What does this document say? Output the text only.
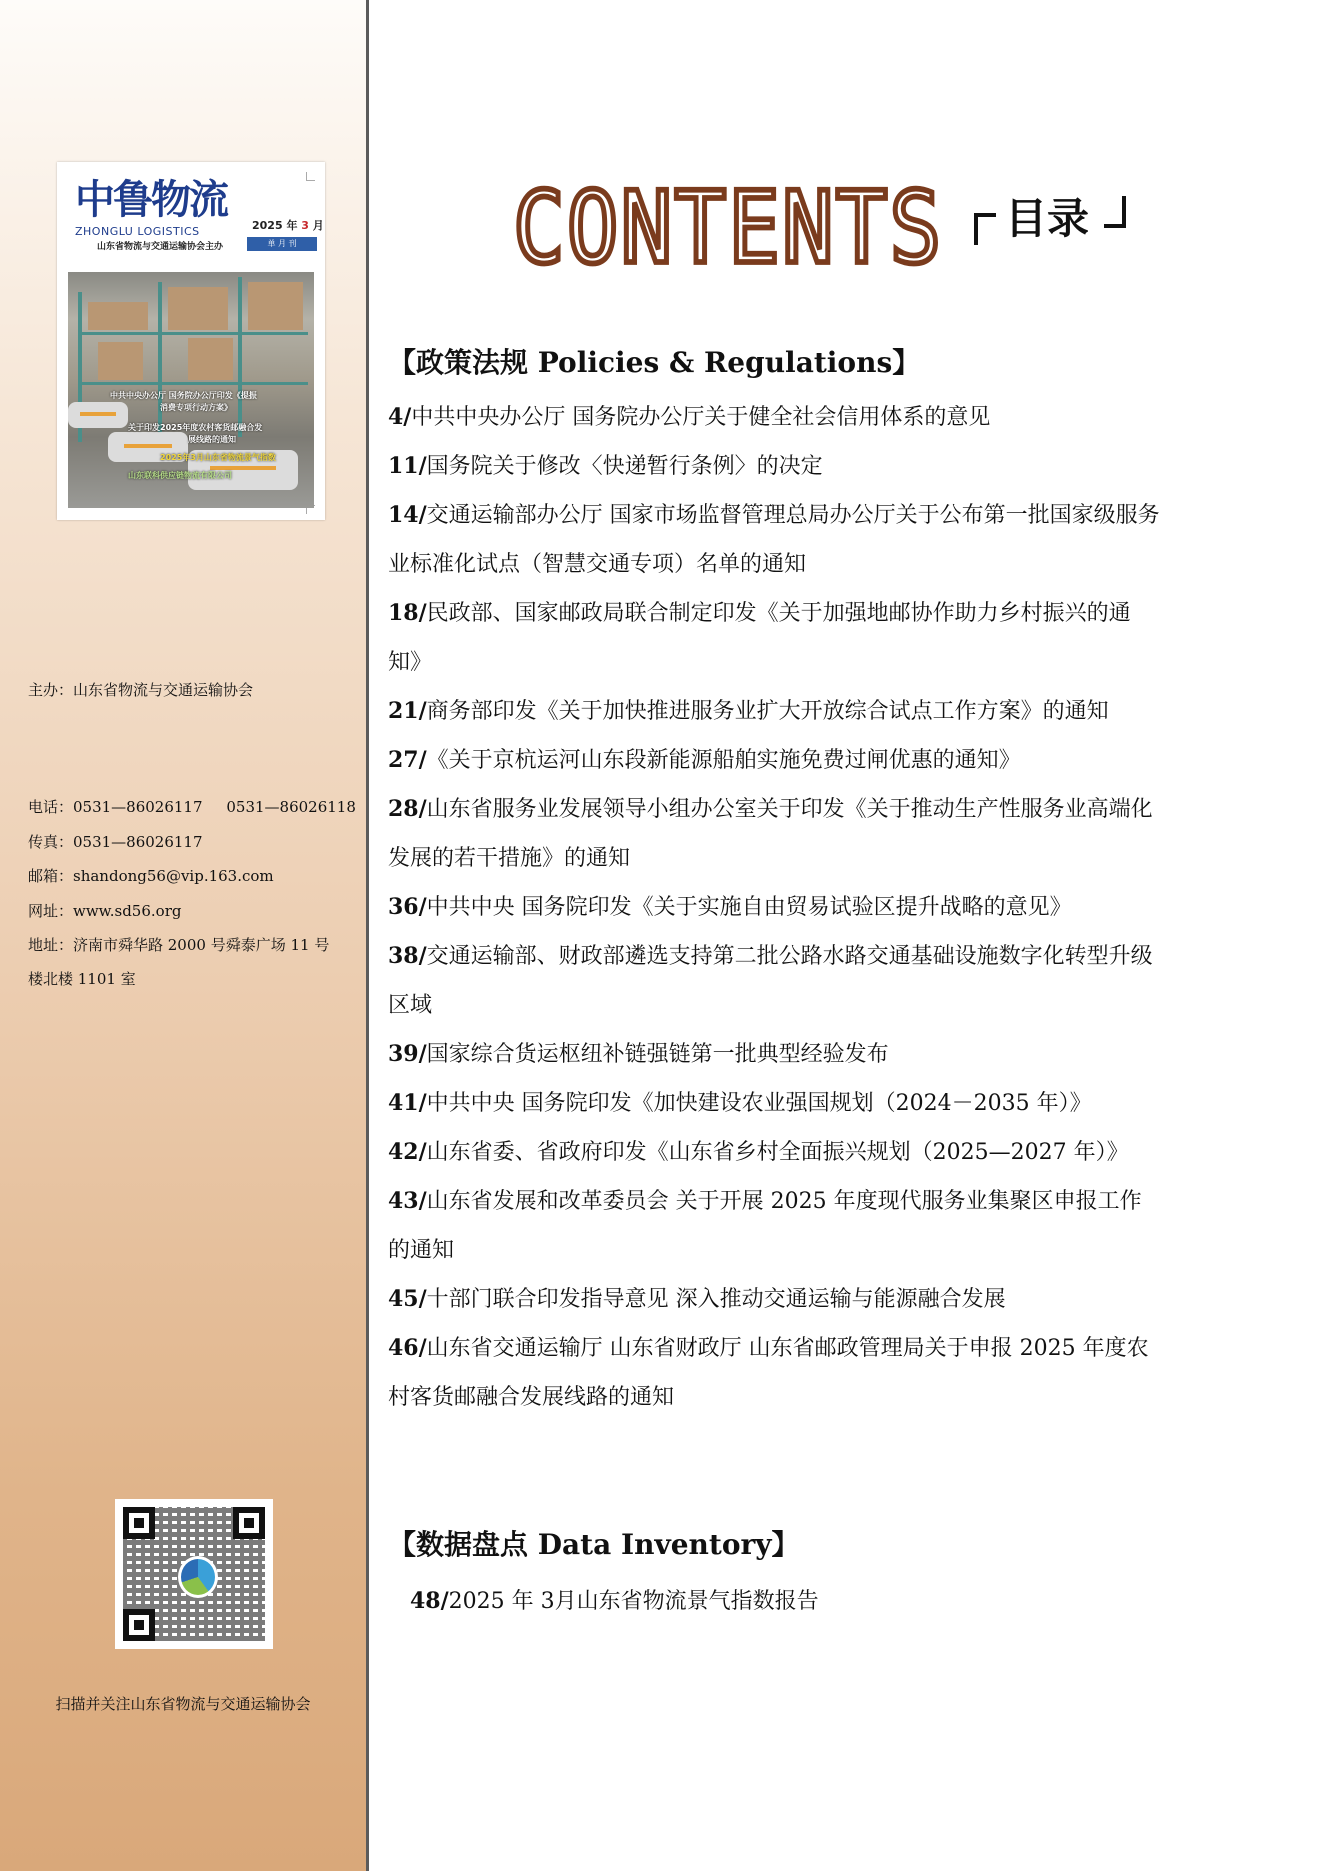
中鲁物流
ZHONGLU LOGISTICS	2025 年 3 月
山东省物流与交通运输协会主办	单 月 刊
中共中央办公厅 国务院办公厅印发《提振
消费专项行动方案》
关于印发2025年度农村客货邮融合发
展线路的通知
2025年3月山东省物流景气指数
山东联科供应链物流有限公司
主办：山东省物流与交通运输协会
电话：0531—86026117     0531—86026118
传真：0531—86026117
邮箱：shandong56@vip.163.com
网址：www.sd56.org
地址：济南市舜华路 2000 号舜泰广场 11 号
楼北楼 1101 室
扫描并关注山东省物流与交通运输协会
CONTENTS 目录
【政策法规 Policies & Regulations】
4/中共中央办公厅 国务院办公厅关于健全社会信用体系的意见
11/国务院关于修改〈快递暂行条例〉的决定
14/交通运输部办公厅 国家市场监督管理总局办公厅关于公布第一批国家级服务业标准化试点（智慧交通专项）名单的通知
18/民政部、国家邮政局联合制定印发《关于加强地邮协作助力乡村振兴的通知》
21/商务部印发《关于加快推进服务业扩大开放综合试点工作方案》的通知
27/《关于京杭运河山东段新能源船舶实施免费过闸优惠的通知》
28/山东省服务业发展领导小组办公室关于印发《关于推动生产性服务业高端化发展的若干措施》的通知
36/中共中央 国务院印发《关于实施自由贸易试验区提升战略的意见》
38/交通运输部、财政部遴选支持第二批公路水路交通基础设施数字化转型升级区域
39/国家综合货运枢纽补链强链第一批典型经验发布
41/中共中央 国务院印发《加快建设农业强国规划（2024－2035 年）》
42/山东省委、省政府印发《山东省乡村全面振兴规划（2025—2027 年）》
43/山东省发展和改革委员会 关于开展 2025 年度现代服务业集聚区申报工作的通知
45/十部门联合印发指导意见 深入推动交通运输与能源融合发展
46/山东省交通运输厅 山东省财政厅 山东省邮政管理局关于申报 2025 年度农村客货邮融合发展线路的通知
【数据盘点 Data Inventory】
48/2025 年 3月山东省物流景气指数报告
